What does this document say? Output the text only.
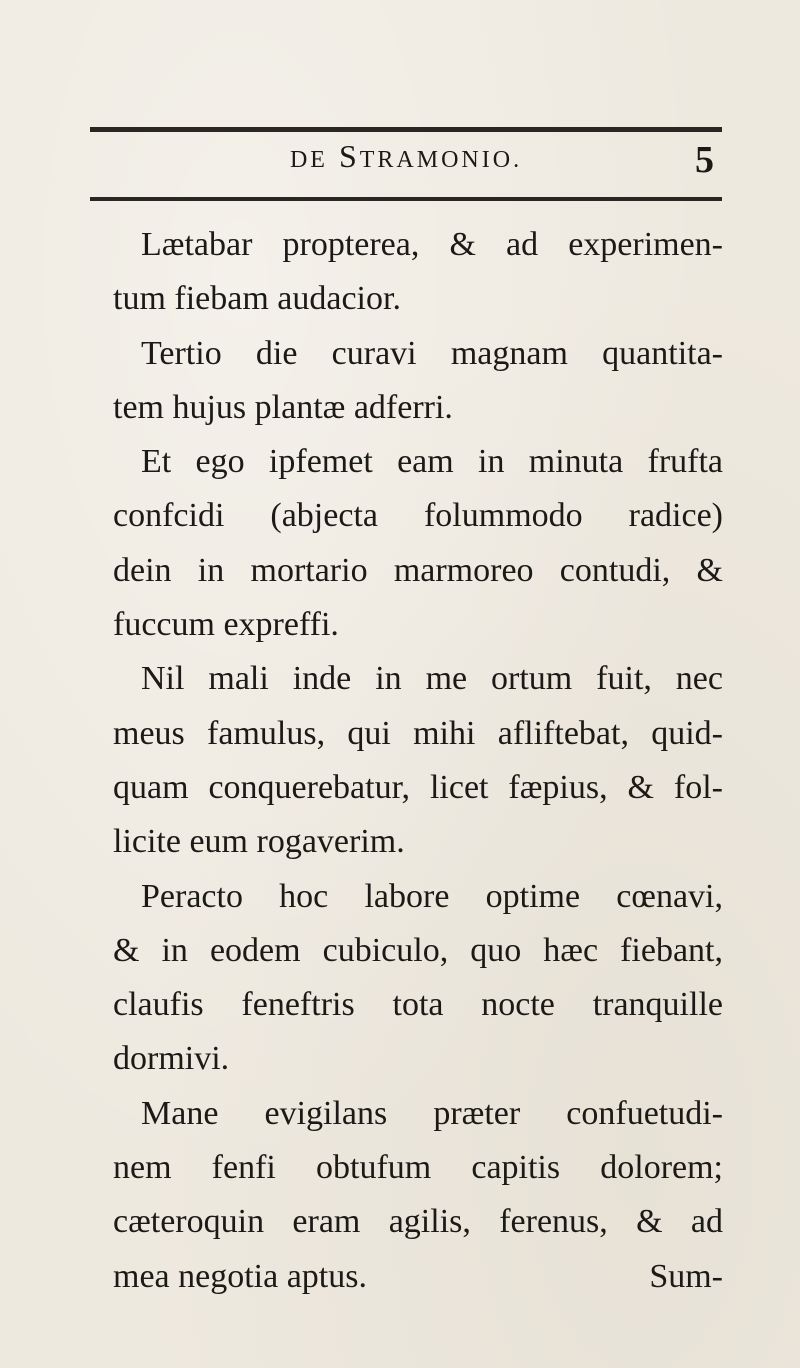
DE STRAMONIO.	5
Lætabar propterea, & ad experimen-
tum fiebam audacior.
Tertio die curavi magnam quantita-
tem hujus plantæ adferri.
Et ego ipfemet eam in minuta frufta
confcidi (abjecta folummodo radice)
dein in mortario marmoreo contudi, &
fuccum expreffi.
Nil mali inde in me ortum fuit, nec
meus famulus, qui mihi afliftebat, quid-
quam conquerebatur, licet fæpius, & fol-
licite eum rogaverim.
Peracto hoc labore optime cœnavi,
& in eodem cubiculo, quo hæc fiebant,
claufis feneftris tota nocte tranquille
dormivi.
Mane evigilans præter confuetudi-
nem fenfi obtufum capitis dolorem;
cæteroquin eram agilis, ferenus, & ad
mea negotia aptus.	Sum-
